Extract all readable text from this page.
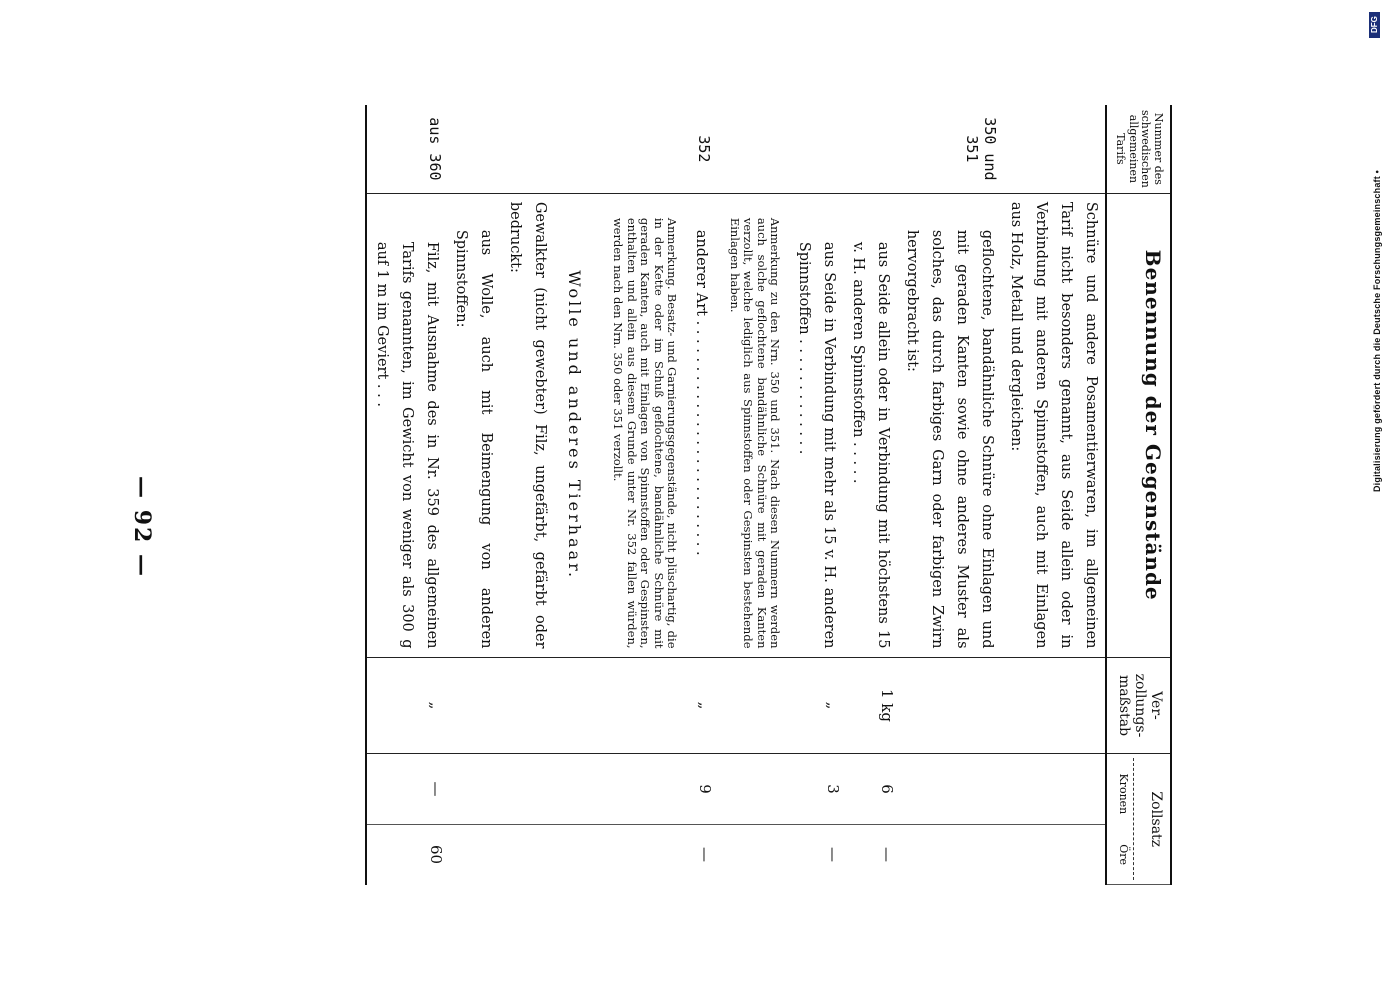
Nummer des schwedischen allgemeinen Tarifs	Benennung der Gegenstände	Ver- zollungs- maßstab	Zollsatz
Kronen
Öre	

	Schnüre und andere Posamentierwaren, im allgemeinen Tarif nicht besonders genannt, aus Seide allein oder in Verbindung mit anderen Spinnstoffen, auch mit Einlagen aus Holz, Metall und dergleichen:			

350 und 351	geflochtene, bandähnliche Schnüre ohne Einlagen und mit geraden Kanten sowie ohne anderes Muster als solches, das durch farbiges Garn oder farbigen Zwirn hervorgebracht ist:			

	aus Seide allein oder in Verbindung mit höchstens 15 v. H. anderen Spinnstoffen . . . . .	1 kg	6	—

	aus Seide in Verbindung mit mehr als 15 v. H. anderen Spinnstoffen . . . . . . . . . . . . .	„	3	—

	Anmerkung zu den Nrn. 350 und 351. Nach diesen Nummern werden auch solche geflochtene bandähnliche Schnüre mit geraden Kanten verzollt, welche lediglich aus Spinnstoffen oder Gespinsten bestehende Einlagen haben.			

352	anderer Art . . . . . . . . . . . . . . . . . . . . . . . . . .	„	9	—

	Anmerkung. Besatz- und Garnierungsgegenstände, nicht plüschartig, die in der Kette oder im Schuß geflochtene, bandähnliche Schnüre mit geraden Kanten, auch mit Einlagen von Spinnstoffen oder Gespinsten, enthalten und allein aus diesem Grunde unter Nr. 352 fallen würden, werden nach den Nrn. 350 oder 351 verzollt.			

	Wolle und anderes Tierhaar.			

	Gewalkter (nicht gewebter) Filz, ungefärbt, gefärbt oder bedruckt:			

	aus Wolle, auch mit Beimengung von anderen Spinnstoffen:			

aus 360	Filz, mit Ausnahme des in Nr. 359 des allgemeinen Tarifs genannten, im Gewicht von weniger als 300 g auf 1 m im Geviert . . .	„	—	60
— 92 —
DFG
Digitalisierung gefördert durch die Deutsche Forschungsgemeinschaft •
